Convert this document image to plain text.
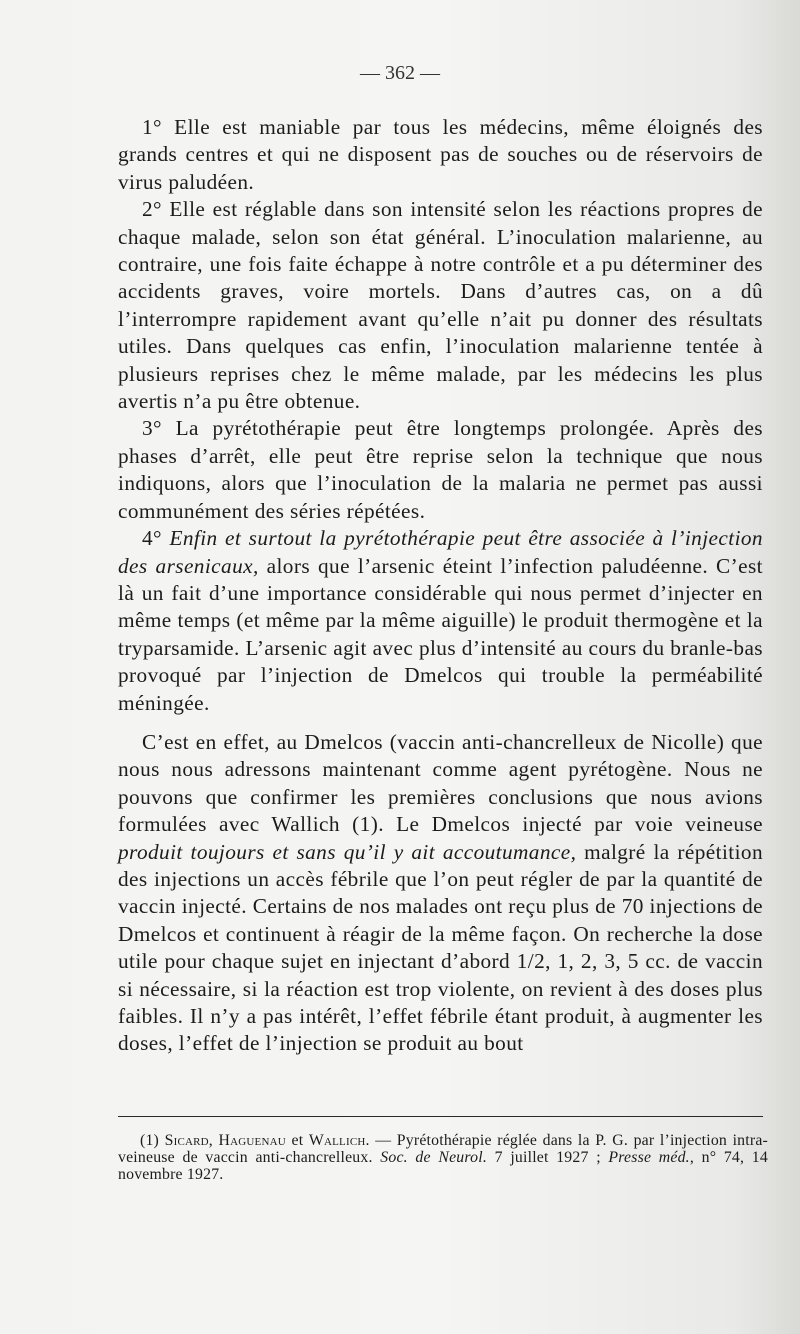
— 362 —

1° Elle est maniable par tous les médecins, même éloignés des grands centres et qui ne disposent pas de souches ou de réservoirs de virus paludéen.

2° Elle est réglable dans son intensité selon les réactions propres de chaque malade, selon son état général. L’inoculation malarienne, au contraire, une fois faite échappe à notre contrôle et a pu déterminer des accidents graves, voire mortels. Dans d’autres cas, on a dû l’interrompre rapidement avant qu’elle n’ait pu donner des résultats utiles. Dans quelques cas enfin, l’inoculation malarienne tentée à plusieurs reprises chez le même malade, par les médecins les plus avertis n’a pu être obtenue.

3° La pyrétothérapie peut être longtemps prolongée. Après des phases d’arrêt, elle peut être reprise selon la technique que nous indiquons, alors que l’inoculation de la malaria ne permet pas aussi communément des séries répétées.

4° Enfin et surtout la pyrétothérapie peut être associée à l’injection des arsenicaux, alors que l’arsenic éteint l’infection paludéenne. C’est là un fait d’une importance considérable qui nous permet d’injecter en même temps (et même par la même aiguille) le produit thermogène et la tryparsamide. L’arsenic agit avec plus d’intensité au cours du branle-bas provoqué par l’injection de Dmelcos qui trouble la perméabilité méningée.

C’est en effet, au Dmelcos (vaccin anti-chancrelleux de Nicolle) que nous nous adressons maintenant comme agent pyrétogène. Nous ne pouvons que confirmer les premières conclusions que nous avions formulées avec Wallich (1). Le Dmelcos injecté par voie veineuse produit toujours et sans qu’il y ait accoutumance, malgré la répétition des injections un accès fébrile que l’on peut régler de par la quantité de vaccin injecté. Certains de nos malades ont reçu plus de 70 injections de Dmelcos et continuent à réagir de la même façon. On recherche la dose utile pour chaque sujet en injectant d’abord 1/2, 1, 2, 3, 5 cc. de vaccin si nécessaire, si la réaction est trop violente, on revient à des doses plus faibles. Il n’y a pas intérêt, l’effet fébrile étant produit, à augmenter les doses, l’effet de l’injection se produit au bout

(1) Sicard, Haguenau et Wallich. — Pyrétothérapie réglée dans la P. G. par l’injection intra-veineuse de vaccin anti-chancrelleux. Soc. de Neurol. 7 juillet 1927 ; Presse méd., n° 74, 14 novembre 1927.
